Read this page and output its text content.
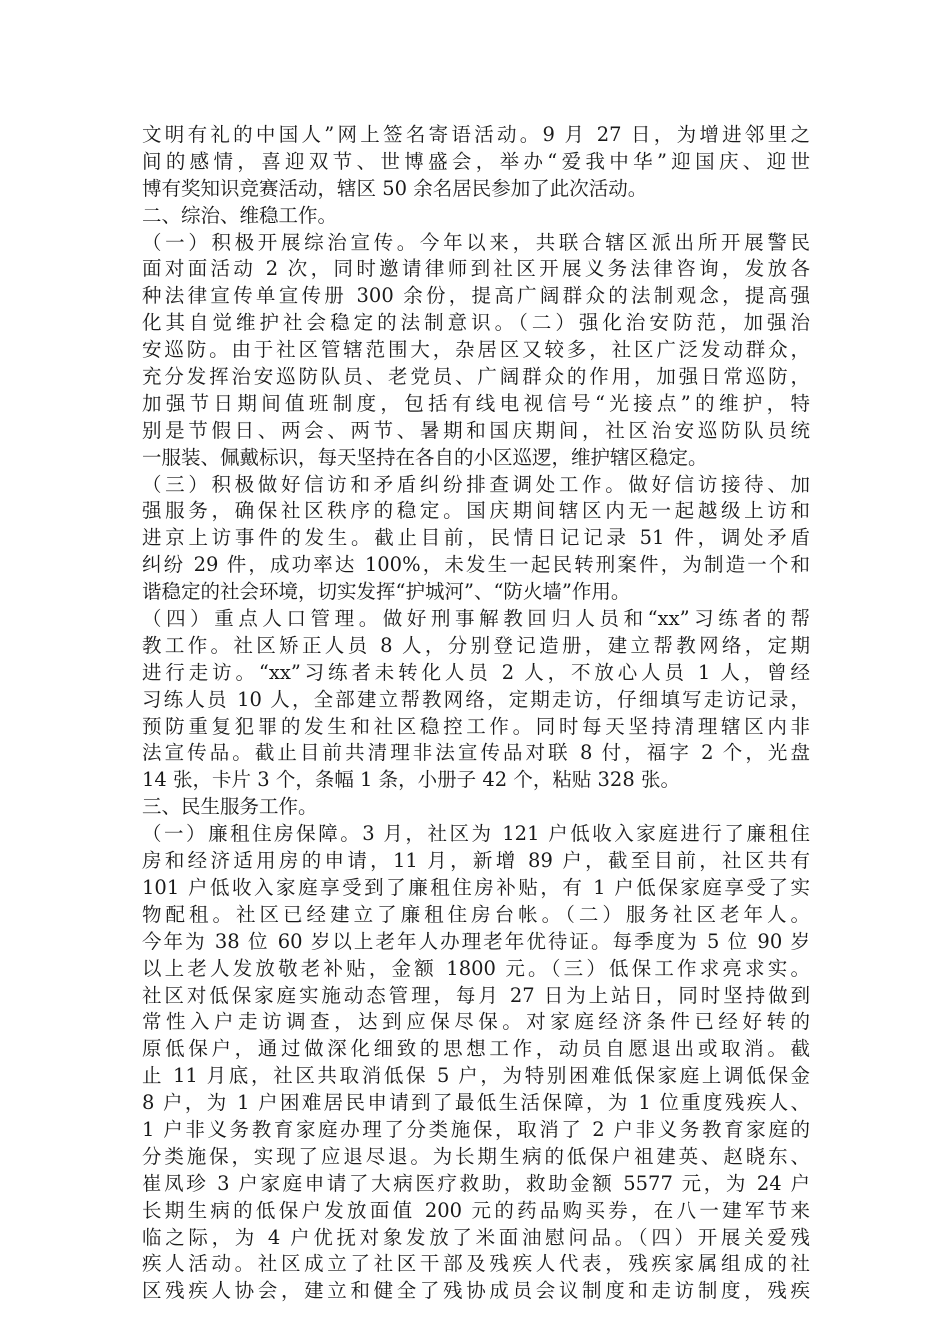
文明有礼的中国人”网上签名寄语活动。9 月 27 日，为增进邻里之
间的感情，喜迎双节、世博盛会，举办“爱我中华”迎国庆、迎世
博有奖知识竞赛活动，辖区 50 余名居民参加了此次活动。
二、综治、维稳工作。
（一）积极开展综治宣传。今年以来，共联合辖区派出所开展警民
面对面活动 2 次，同时邀请律师到社区开展义务法律咨询，发放各
种法律宣传单宣传册 300 余份，提高广阔群众的法制观念，提高强
化其自觉维护社会稳定的法制意识。（二）强化治安防范，加强治
安巡防。由于社区管辖范围大，杂居区又较多，社区广泛发动群众，
充分发挥治安巡防队员、老党员、广阔群众的作用，加强日常巡防，
加强节日期间值班制度，包括有线电视信号“光接点”的维护，特
别是节假日、两会、两节、暑期和国庆期间，社区治安巡防队员统
一服装、佩戴标识，每天坚持在各自的小区巡逻，维护辖区稳定。
（三）积极做好信访和矛盾纠纷排查调处工作。做好信访接待、加
强服务，确保社区秩序的稳定。国庆期间辖区内无一起越级上访和
进京上访事件的发生。截止目前，民情日记记录 51 件，调处矛盾
纠纷 29 件，成功率达 100%，未发生一起民转刑案件，为制造一个和
谐稳定的社会环境，切实发挥“护城河”、“防火墙”作用。
（四）重点人口管理。做好刑事解教回归人员和“xx”习练者的帮
教工作。社区矫正人员 8 人，分别登记造册，建立帮教网络，定期
进行走访。“xx”习练者未转化人员 2 人，不放心人员 1 人，曾经
习练人员 10 人，全部建立帮教网络，定期走访，仔细填写走访记录，
预防重复犯罪的发生和社区稳控工作。同时每天坚持清理辖区内非
法宣传品。截止目前共清理非法宣传品对联 8 付，福字 2 个，光盘
14 张，卡片 3 个，条幅 1 条，小册子 42 个，粘贴 328 张。
三、民生服务工作。
（一）廉租住房保障。3 月，社区为 121 户低收入家庭进行了廉租住
房和经济适用房的申请，11 月，新增 89 户，截至目前，社区共有
101 户低收入家庭享受到了廉租住房补贴，有 1 户低保家庭享受了实
物配租。社区已经建立了廉租住房台帐。（二）服务社区老年人。
今年为 38 位 60 岁以上老年人办理老年优待证。每季度为 5 位 90 岁
以上老人发放敬老补贴，金额 1800 元。（三）低保工作求亮求实。
社区对低保家庭实施动态管理，每月 27 日为上站日，同时坚持做到
常性入户走访调查，达到应保尽保。对家庭经济条件已经好转的
原低保户，通过做深化细致的思想工作，动员自愿退出或取消。截
止 11 月底，社区共取消低保 5 户，为特别困难低保家庭上调低保金
8 户，为 1 户困难居民申请到了最低生活保障，为 1 位重度残疾人、
1 户非义务教育家庭办理了分类施保，取消了 2 户非义务教育家庭的
分类施保，实现了应退尽退。为长期生病的低保户祖建英、赵晓东、
崔凤珍 3 户家庭申请了大病医疗救助，救助金额 5577 元，为 24 户
长期生病的低保户发放面值 200 元的药品购买券，在八一建军节来
临之际，为 4 户优抚对象发放了米面油慰问品。（四）开展关爱残
疾人活动。社区成立了社区干部及残疾人代表，残疾家属组成的社
区残疾人协会，建立和健全了残协成员会议制度和走访制度，残疾
